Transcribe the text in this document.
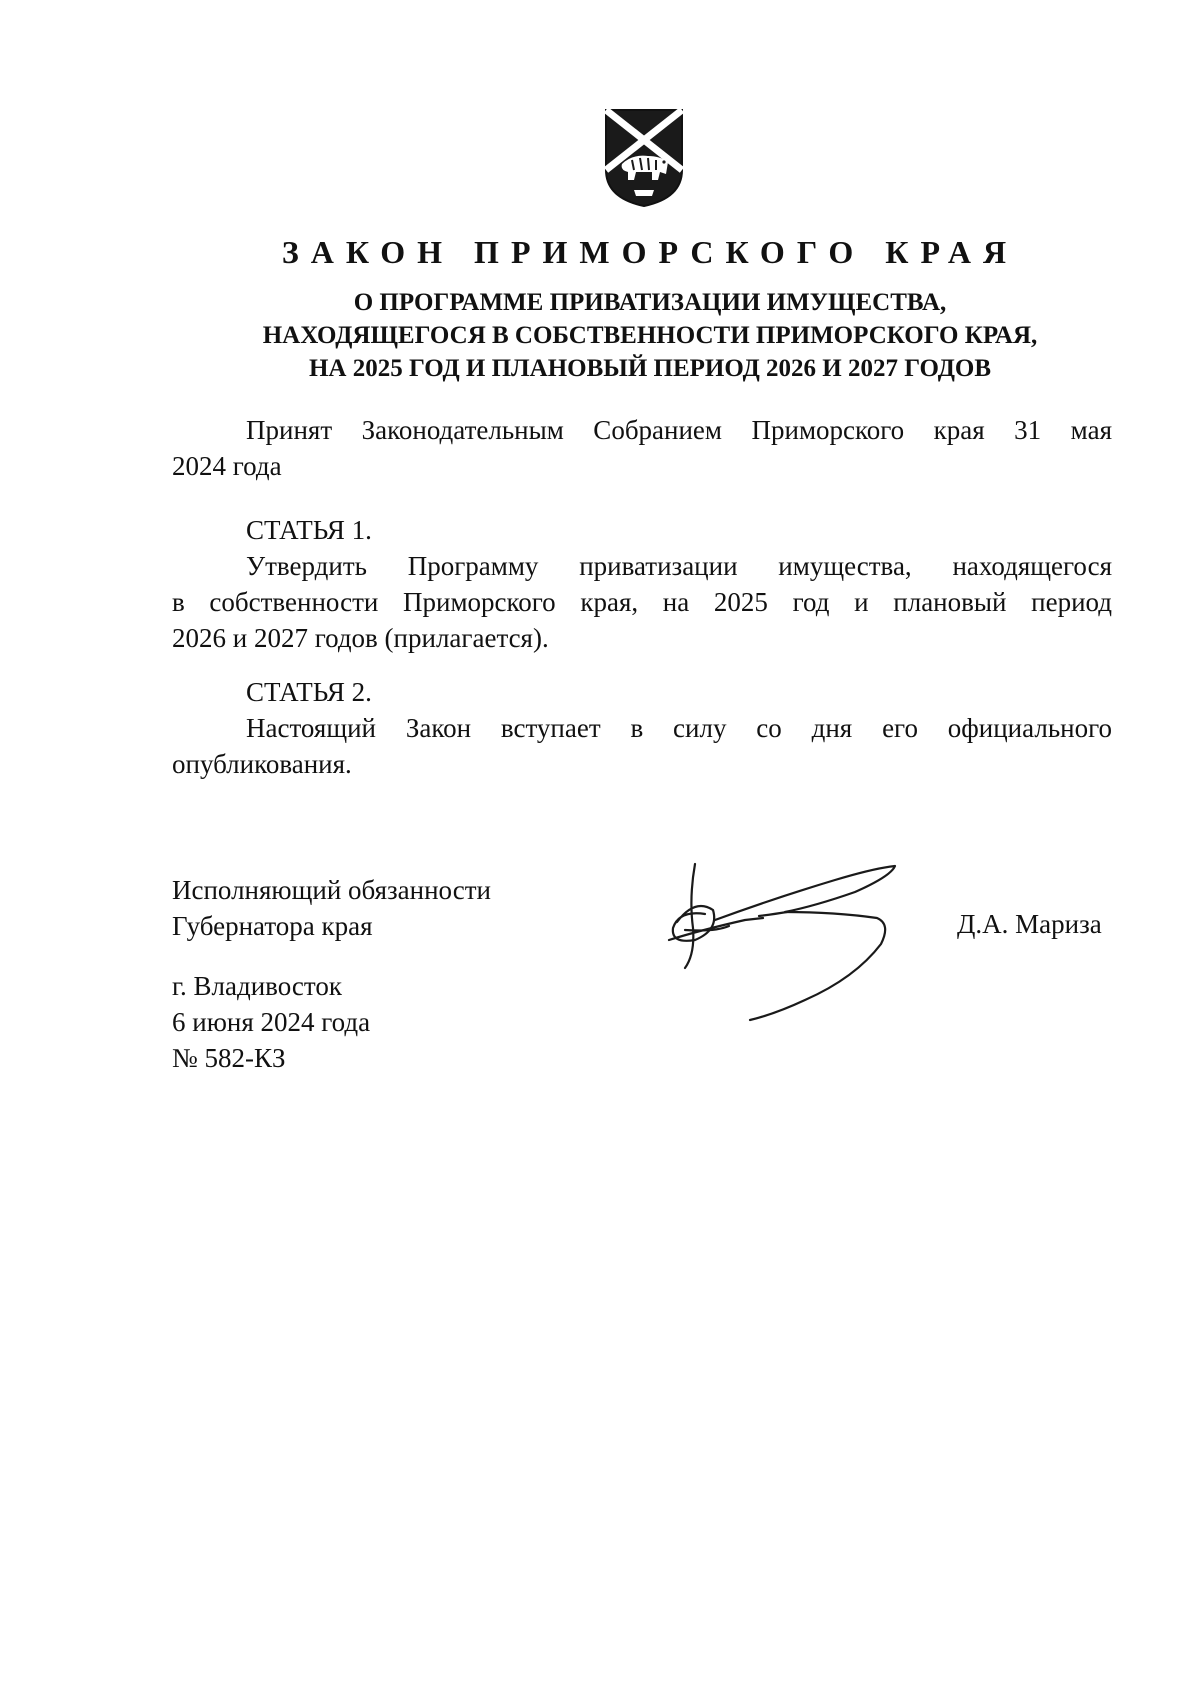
ЗАКОН ПРИМОРСКОГО КРАЯ
О ПРОГРАММЕ ПРИВАТИЗАЦИИ ИМУЩЕСТВА,
НАХОДЯЩЕГОСЯ В СОБСТВЕННОСТИ ПРИМОРСКОГО КРАЯ,
НА 2025 ГОД И ПЛАНОВЫЙ ПЕРИОД 2026 И 2027 ГОДОВ
Принят Законодательным Собранием Приморского края 31 мая
2024 года
СТАТЬЯ 1.
Утвердить Программу приватизации имущества, находящегося
в собственности Приморского края, на 2025 год и плановый период
2026 и 2027 годов (прилагается).
СТАТЬЯ 2.
Настоящий Закон вступает в силу со дня его официального
опубликования.
Исполняющий обязанности
Губернатора края	Д.А. Мариза
г. Владивосток
6 июня 2024 года
№ 582-КЗ
